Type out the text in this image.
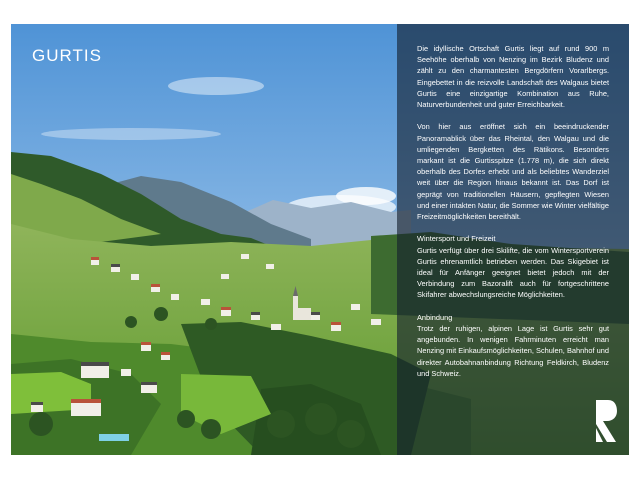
GURTIS	Die idyllische Ortschaft Gurtis liegt auf rund 900 m Seehöhe oberhalb von Nenzing im Bezirk Bludenz und zählt zu den charmantesten Bergdörfern Vorarlbergs. Eingebettet in die reizvolle Landschaft des Walgaus bietet Gurtis eine einzigartige Kombination aus Ruhe, Naturverbundenheit und guter Erreichbarkeit.

Von hier aus eröffnet sich ein beeindruckender Panoramablick über das Rheintal, den Walgau und die umliegenden Bergketten des Rätikons. Besonders markant ist die Gurtisspitze (1.778 m), die sich direkt oberhalb des Dorfes erhebt und als beliebtes Wanderziel weit über die Region hinaus bekannt ist. Das Dorf ist geprägt von traditionellen Häusern, gepflegten Wiesen und einer intakten Natur, die Sommer wie Winter vielfältige Freizeitmöglichkeiten bereithält.

Wintersport und Freizeit
Gurtis verfügt über drei Skilifte, die vom Wintersportverein Gurtis ehrenamtlich betrieben werden. Das Skigebiet ist ideal für Anfänger geeignet bietet jedoch mit der Verbindung zum Bazoralift auch für fortgeschrittene Skifahrer abwechslungsreiche Möglichkeiten.

Anbindung
Trotz der ruhigen, alpinen Lage ist Gurtis sehr gut angebunden. In wenigen Fahrminuten erreicht man Nenzing mit Einkaufsmöglichkeiten, Schulen, Bahnhof und direkter Autobahnanbindung Richtung Feldkirch, Bludenz und Schweiz.
